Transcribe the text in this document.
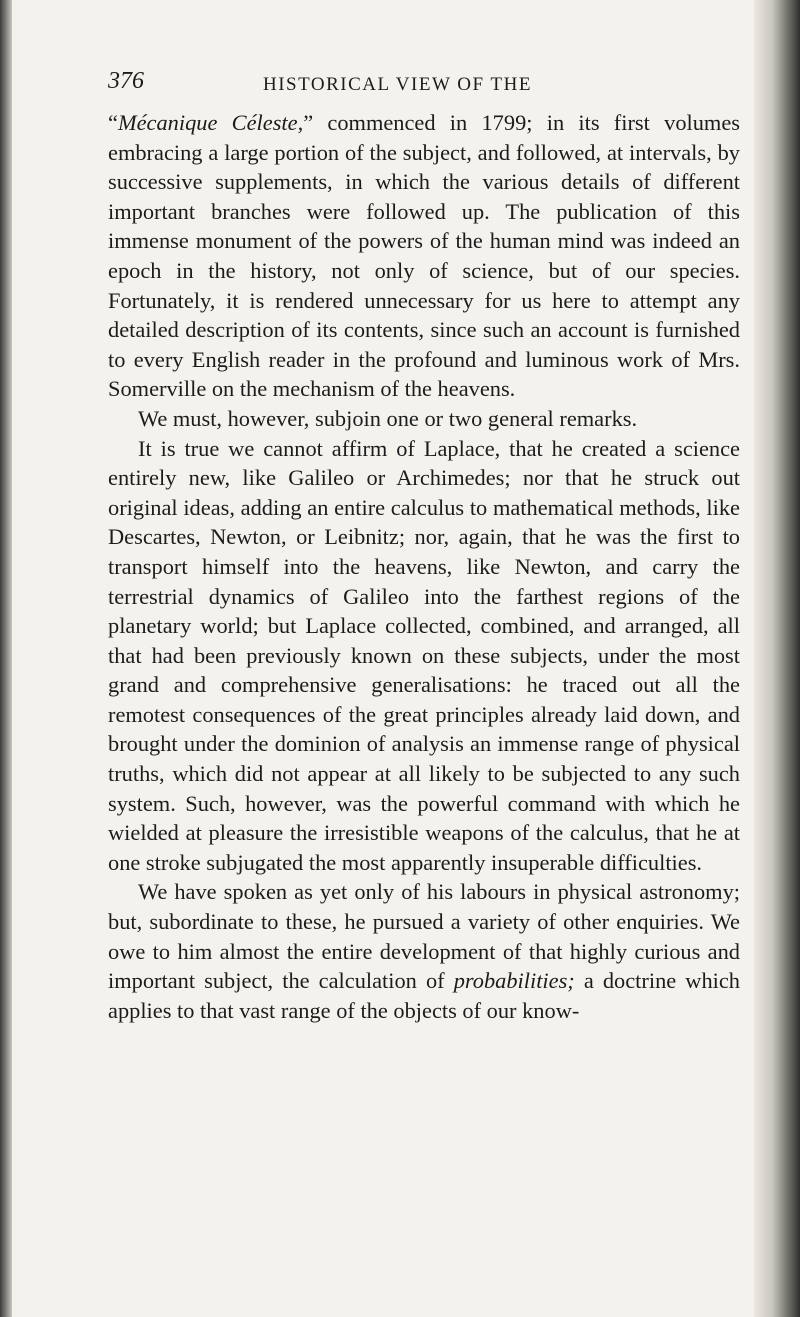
376	HISTORICAL VIEW OF THE

“Mécanique Céleste,” commenced in 1799; in its first volumes embracing a large portion of the subject, and followed, at intervals, by successive supplements, in which the various details of different important branches were followed up. The publication of this immense monument of the powers of the human mind was indeed an epoch in the history, not only of science, but of our species. Fortunately, it is rendered unnecessary for us here to attempt any detailed description of its contents, since such an account is furnished to every English reader in the profound and luminous work of Mrs. Somerville on the mechanism of the heavens.

We must, however, subjoin one or two general remarks.

It is true we cannot affirm of Laplace, that he created a science entirely new, like Galileo or Archimedes; nor that he struck out original ideas, adding an entire calculus to mathematical methods, like Descartes, Newton, or Leibnitz; nor, again, that he was the first to transport himself into the heavens, like Newton, and carry the terrestrial dynamics of Galileo into the farthest regions of the planetary world; but Laplace collected, combined, and arranged, all that had been previously known on these subjects, under the most grand and comprehensive generalisations: he traced out all the remotest consequences of the great principles already laid down, and brought under the dominion of analysis an immense range of physical truths, which did not appear at all likely to be subjected to any such system. Such, however, was the powerful command with which he wielded at pleasure the irresistible weapons of the calculus, that he at one stroke subjugated the most apparently insuperable difficulties.

We have spoken as yet only of his labours in physical astronomy; but, subordinate to these, he pursued a variety of other enquiries. We owe to him almost the entire development of that highly curious and important subject, the calculation of probabilities; a doctrine which applies to that vast range of the objects of our know-
